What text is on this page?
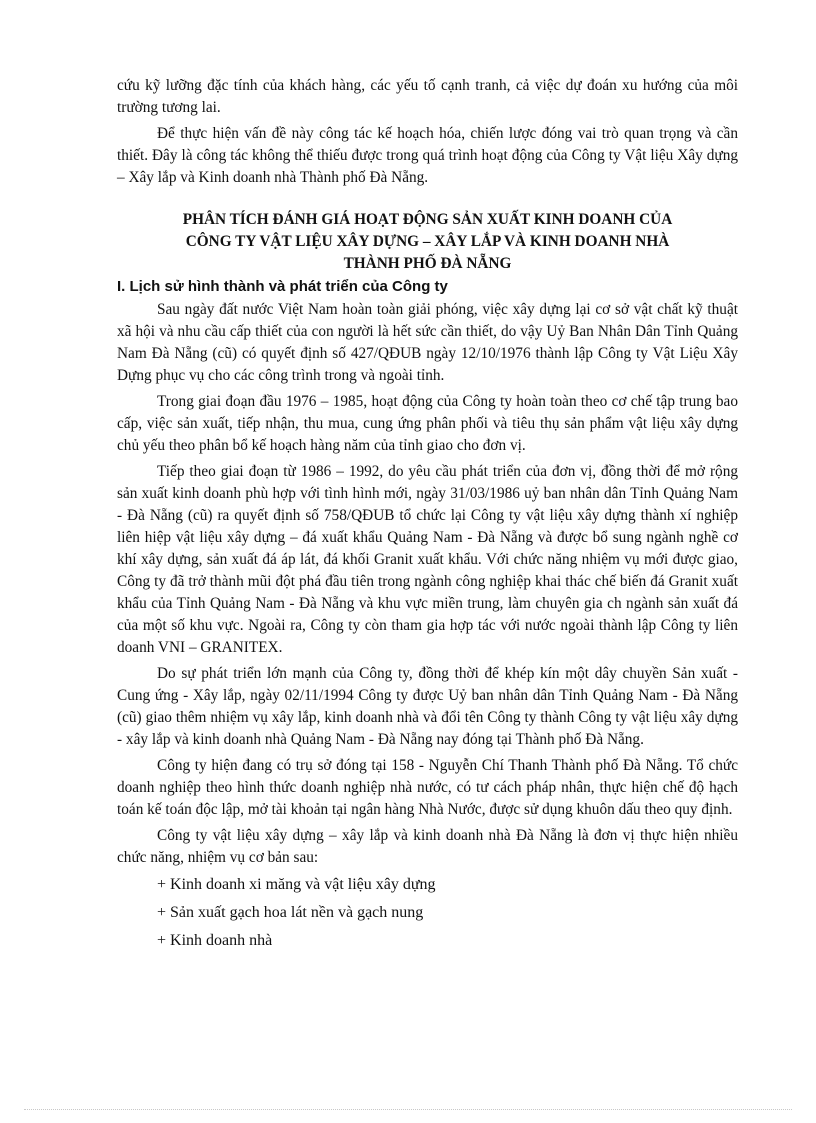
cứu kỹ lưỡng đặc tính của khách hàng, các yếu tố cạnh tranh, cả việc dự đoán xu hướng của môi trường tương lai.

Để thực hiện vấn đề này công tác kế hoạch hóa, chiến lược đóng vai trò quan trọng và cần thiết. Đây là công tác không thể thiếu được trong quá trình hoạt động của Công ty Vật liệu Xây dựng – Xây lắp và Kinh doanh nhà Thành phố Đà Nẵng.

PHÂN TÍCH ĐÁNH GIÁ HOẠT ĐỘNG SẢN XUẤT KINH DOANH CỦA
CÔNG TY VẬT LIỆU XÂY DỰNG – XÂY LẮP VÀ KINH DOANH NHÀ
THÀNH PHỐ ĐÀ NẴNG
I. Lịch sử hình thành và phát triển của Công ty

Sau ngày đất nước Việt Nam hoàn toàn giải phóng, việc xây dựng lại cơ sở vật chất kỹ thuật xã hội và nhu cầu cấp thiết của con người là hết sức cần thiết, do vậy Uỷ Ban Nhân Dân Tỉnh Quảng Nam Đà Nẵng (cũ) có quyết định số 427/QĐUB ngày 12/10/1976 thành lập Công ty Vật Liệu Xây Dựng phục vụ cho các công trình trong và ngoài tỉnh.

Trong giai đoạn đầu 1976 – 1985, hoạt động của Công ty hoàn toàn theo cơ chế tập trung bao cấp, việc sản xuất, tiếp nhận, thu mua, cung ứng phân phối và tiêu thụ sản phẩm vật liệu xây dựng chủ yếu theo phân bổ kế hoạch hàng năm của tỉnh giao cho đơn vị.

Tiếp theo giai đoạn từ 1986 – 1992, do yêu cầu phát triển của đơn vị, đồng thời để mở rộng sản xuất kinh doanh phù hợp với tình hình mới, ngày 31/03/1986 uỷ ban nhân dân Tỉnh Quảng Nam - Đà Nẵng (cũ) ra quyết định số 758/QĐUB tổ chức lại Công ty vật liệu xây dựng thành xí nghiệp liên hiệp vật liệu xây dựng – đá xuất khẩu Quảng Nam - Đà Nẵng và được bổ sung ngành nghề cơ khí xây dựng, sản xuất đá áp lát, đá khối Granit xuất khẩu. Với chức năng nhiệm vụ mới được giao, Công ty đã trở thành mũi đột phá đầu tiên trong ngành công nghiệp khai thác chế biến đá Granit xuất khẩu của Tỉnh Quảng Nam - Đà Nẵng và khu vực miền trung, làm chuyên gia ch ngành sản xuất đá của một số khu vực. Ngoài ra, Công ty còn tham gia hợp tác với nước ngoài thành lập Công ty liên doanh VNI – GRANITEX.

Do sự phát triển lớn mạnh của Công ty, đồng thời để khép kín một dây chuyền Sản xuất - Cung ứng - Xây lắp, ngày 02/11/1994 Công ty được Uỷ ban nhân dân Tỉnh Quảng Nam - Đà Nẵng (cũ) giao thêm nhiệm vụ xây lắp, kinh doanh nhà và đổi tên Công ty thành Công ty vật liệu xây dựng - xây lắp và kinh doanh nhà Quảng Nam - Đà Nẵng nay đóng tại Thành phố Đà Nẵng.

Công ty hiện đang có trụ sở đóng tại 158 - Nguyễn Chí Thanh Thành phố Đà Nẵng. Tổ chức doanh nghiệp theo hình thức doanh nghiệp nhà nước, có tư cách pháp nhân, thực hiện chế độ hạch toán kế toán độc lập, mở tài khoản tại ngân hàng Nhà Nước, được sử dụng khuôn dấu theo quy định.

Công ty vật liệu xây dựng – xây lắp và kinh doanh nhà Đà Nẵng là đơn vị thực hiện nhiều chức năng, nhiệm vụ cơ bản sau:

+ Kinh doanh xi măng và vật liệu xây dựng
+ Sản xuất gạch hoa lát nền và gạch nung
+ Kinh doanh nhà
